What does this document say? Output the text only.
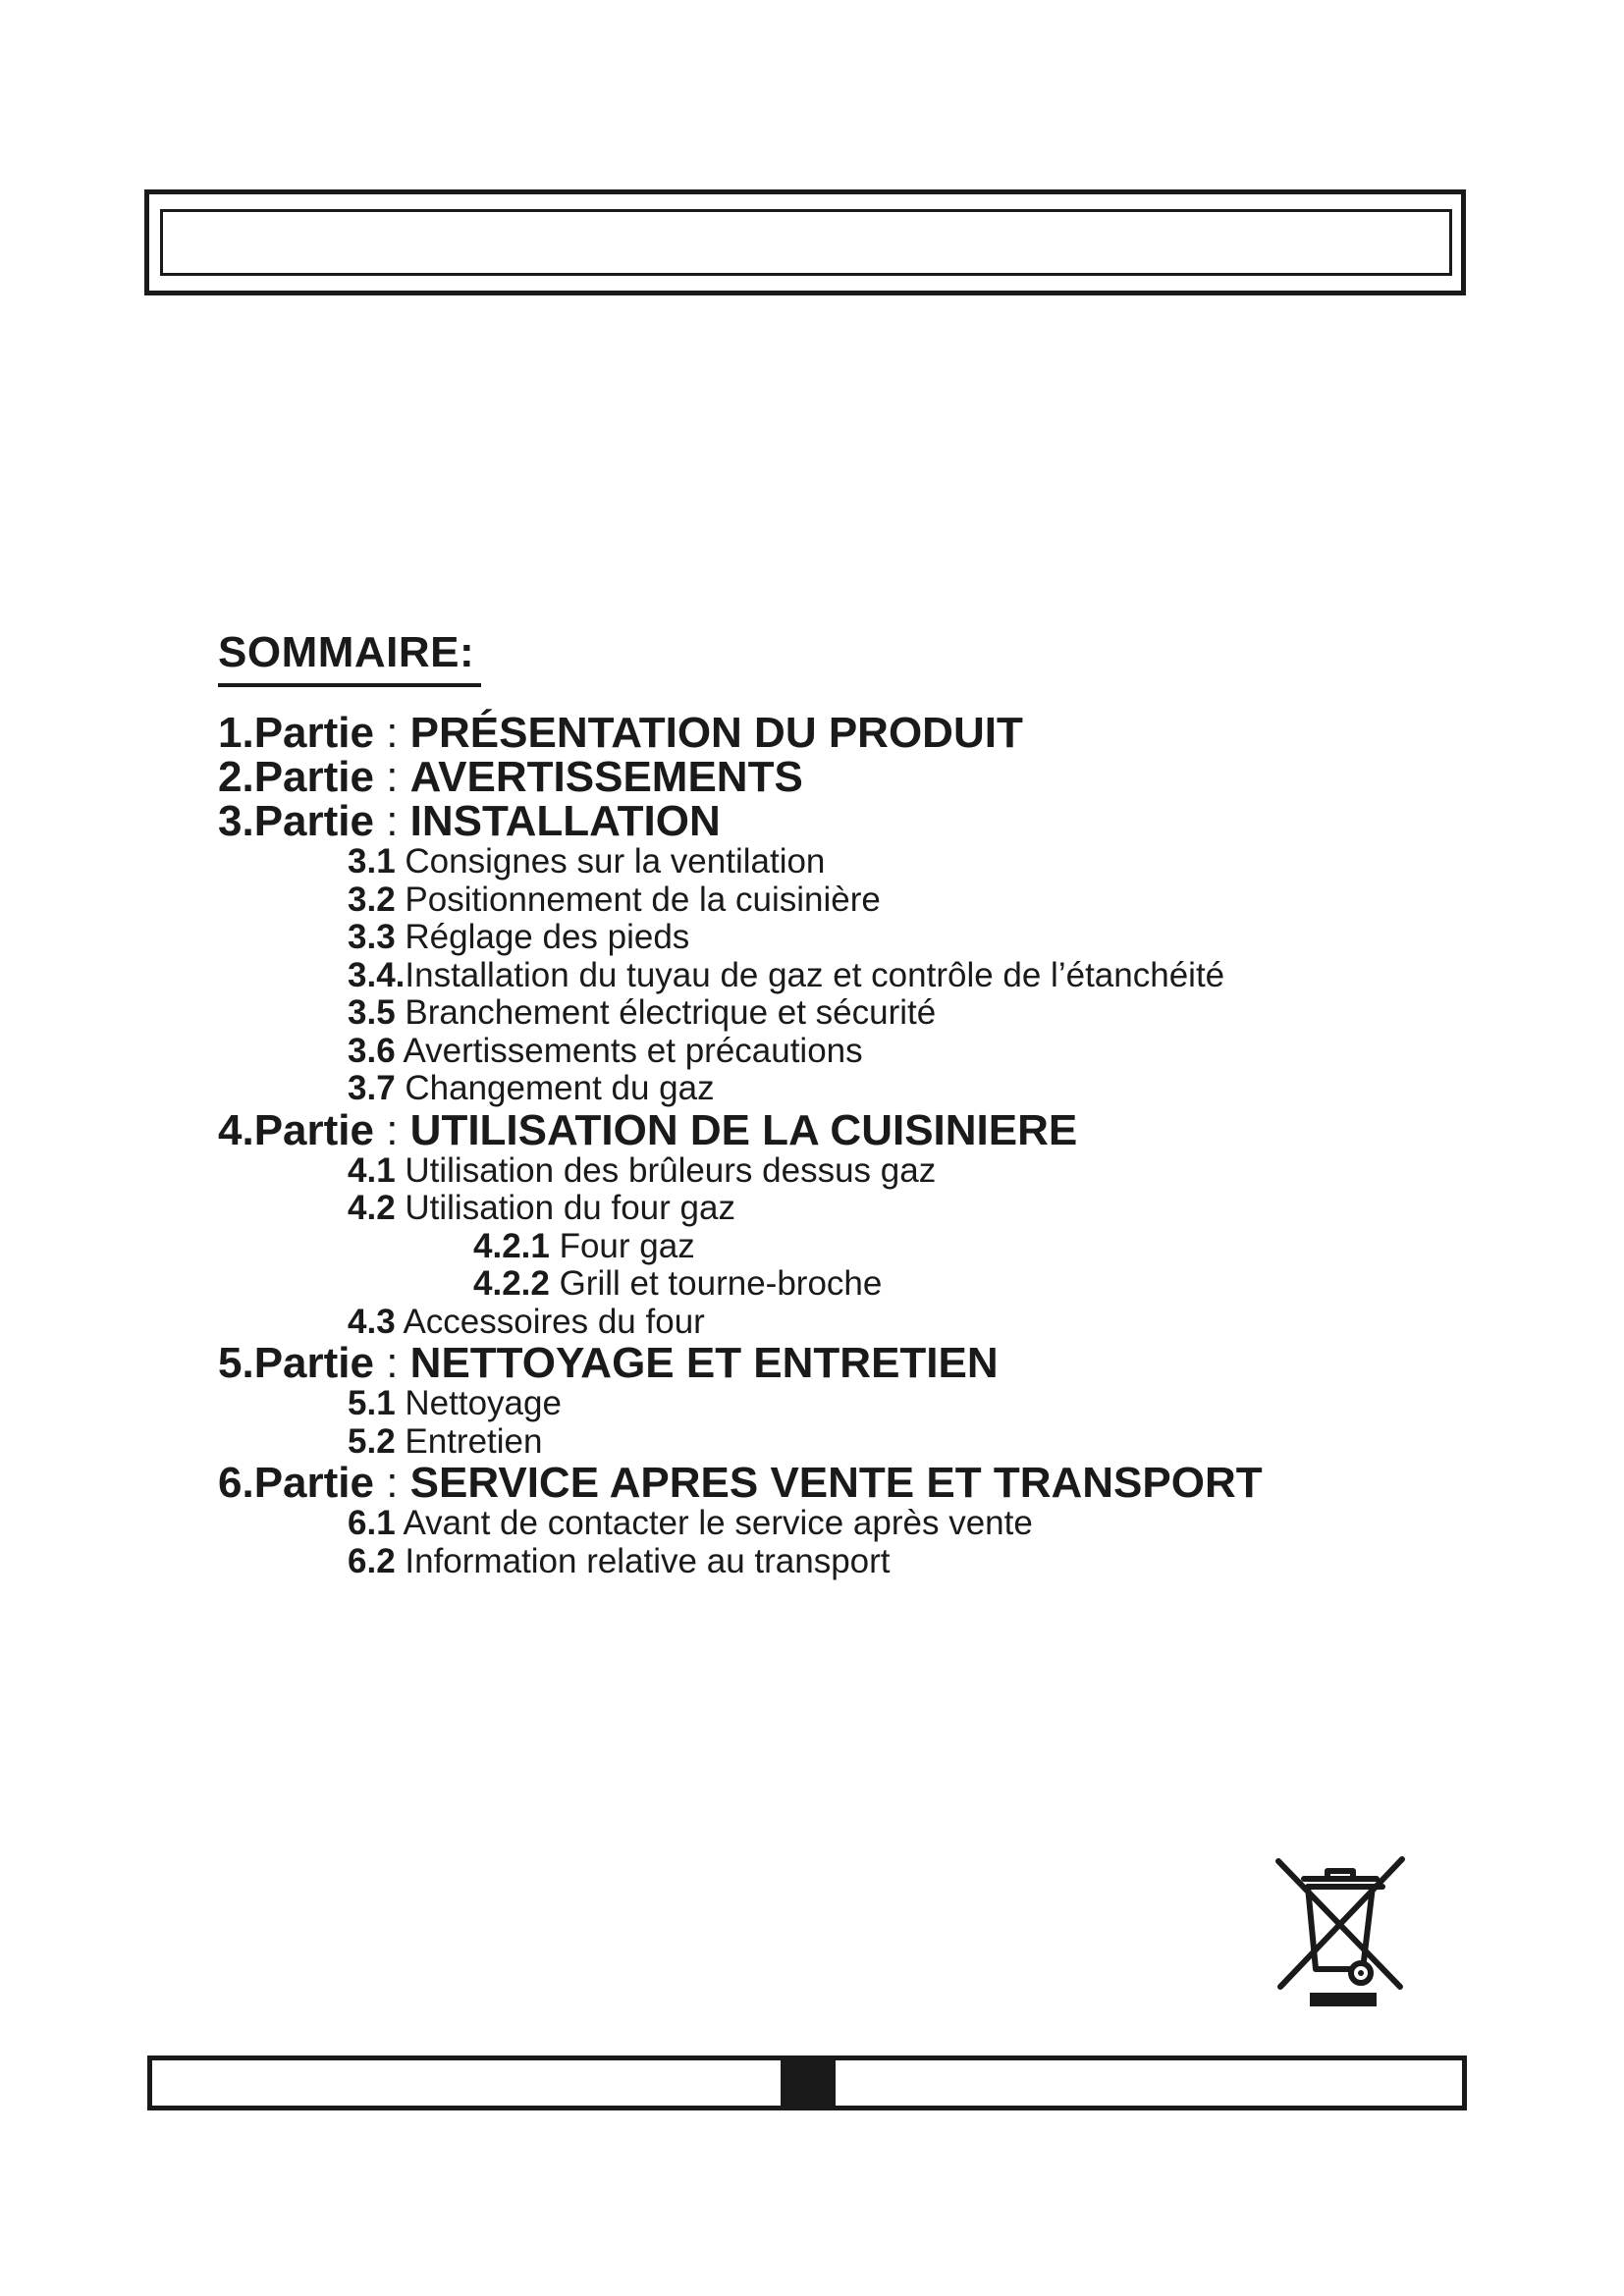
SOMMAIRE:
1.Partie : PRÉSENTATION DU PRODUIT
2.Partie : AVERTISSEMENTS
3.Partie : INSTALLATION
3.1 Consignes sur la ventilation
3.2 Positionnement de la cuisinière
3.3 Réglage des pieds
3.4.Installation du tuyau de gaz et contrôle de l’étanchéité
3.5 Branchement électrique et sécurité
3.6 Avertissements et précautions
3.7 Changement du gaz
4.Partie : UTILISATION DE LA CUISINIERE
4.1 Utilisation des brûleurs dessus gaz
4.2 Utilisation du four gaz
4.2.1 Four gaz
4.2.2 Grill et tourne-broche
4.3 Accessoires du four
5.Partie : NETTOYAGE ET ENTRETIEN
5.1 Nettoyage
5.2 Entretien
6.Partie : SERVICE APRES VENTE ET TRANSPORT
6.1 Avant de contacter le service après vente
6.2 Information relative au transport
